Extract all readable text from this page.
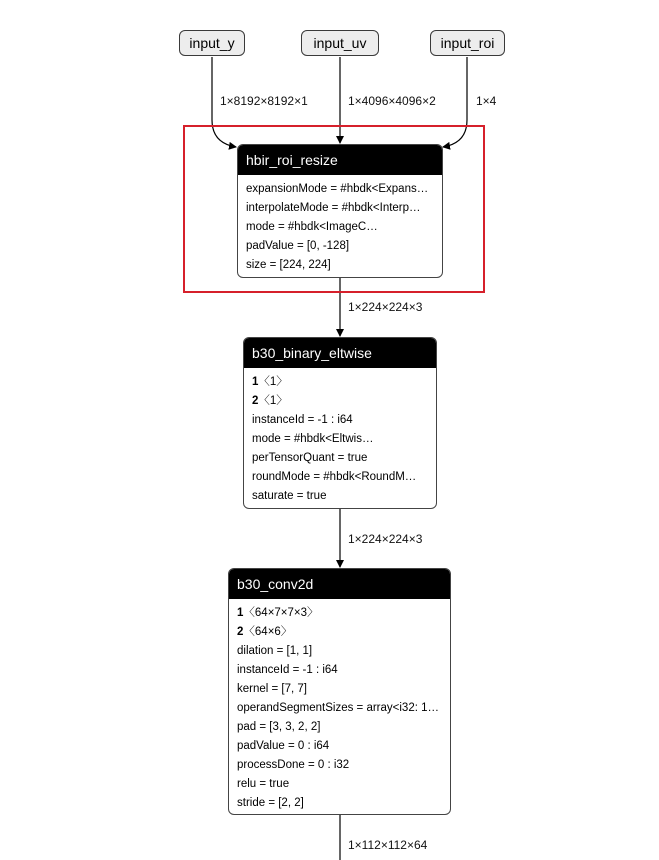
input_y	input_uv	input_roi
1×8192×8192×1	1×4096×4096×2	1×4
hbir_roi_resize
expansionMode = #hbdk<Expans…
interpolateMode = #hbdk<Interp…
mode = #hbdk<ImageC…
padValue = [0, -128]
size = [224, 224]
1×224×224×3
b30_binary_eltwise
1〈1〉
2〈1〉
instanceId = -1 : i64
mode = #hbdk<Eltwis…
perTensorQuant = true
roundMode = #hbdk<RoundM…
saturate = true
1×224×224×3
b30_conv2d
1〈64×7×7×3〉
2〈64×6〉
dilation = [1, 1]
instanceId = -1 : i64
kernel = [7, 7]
operandSegmentSizes = array<i32: 1…
pad = [3, 3, 2, 2]
padValue = 0 : i64
processDone = 0 : i32
relu = true
stride = [2, 2]
1×112×112×64
